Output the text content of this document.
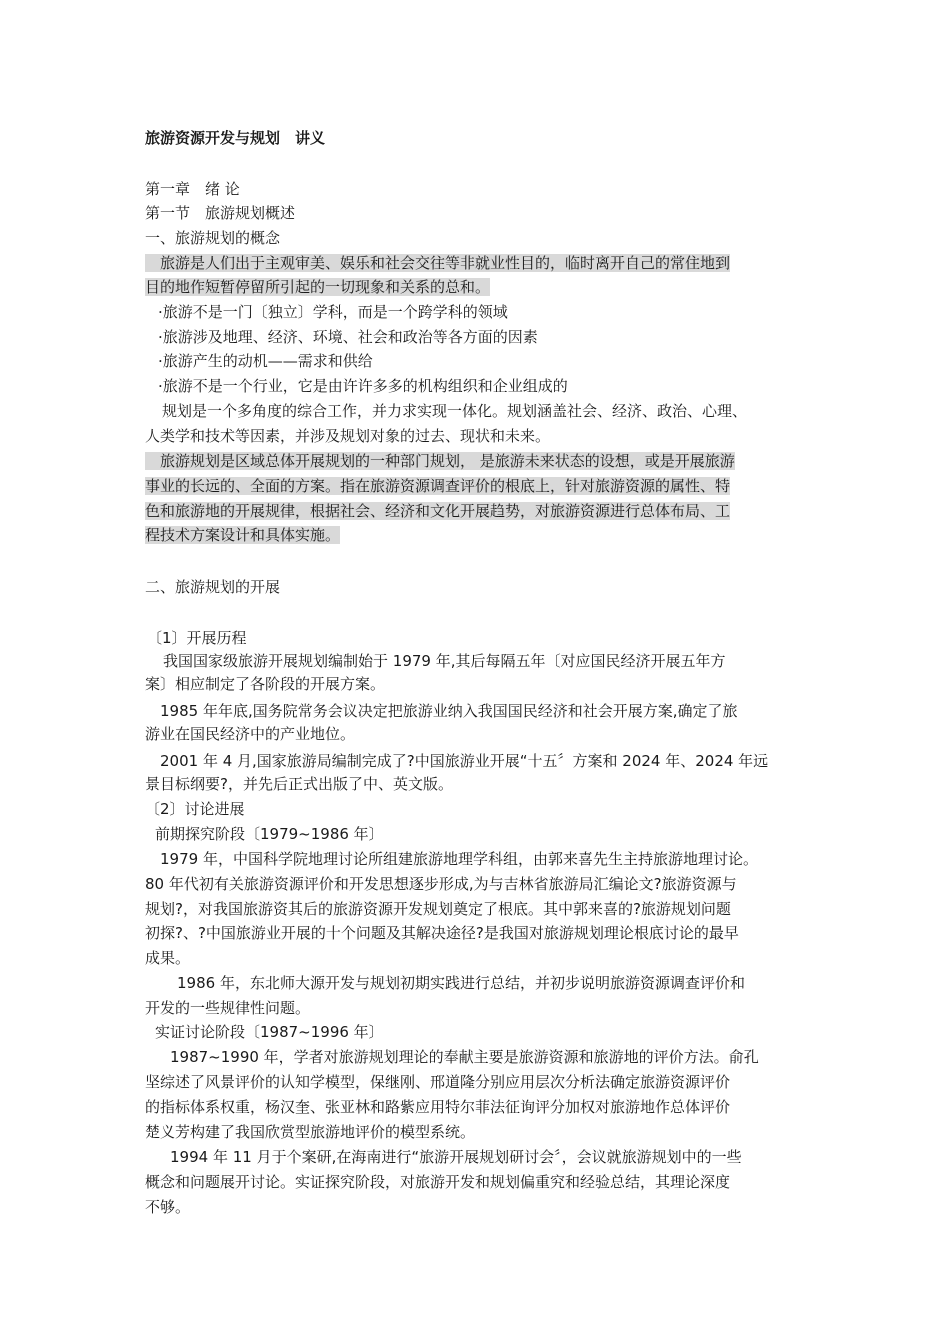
旅游资源开发与规划　讲义
第一章　绪 论
第一节　旅游规划概述
一、旅游规划的概念
　旅游是人们出于主观审美、娱乐和社会交往等非就业性目的，临时离开自己的常住地到
目的地作短暂停留所引起的一切现象和关系的总和。
·旅游不是一门〔独立〕学科，而是一个跨学科的领域
·旅游涉及地理、经济、环境、社会和政治等各方面的因素
·旅游产生的动机——需求和供给
·旅游不是一个行业，它是由许许多多的机构组织和企业组成的
规划是一个多角度的综合工作，并力求实现一体化。规划涵盖社会、经济、政治、心理、
人类学和技术等因素，并涉及规划对象的过去、现状和未来。
　旅游规划是区域总体开展规划的一种部门规划， 是旅游未来状态的设想，或是开展旅游
事业的长远的、全面的方案。指在旅游资源调查评价的根底上，针对旅游资源的属性、特
色和旅游地的开展规律，根据社会、经济和文化开展趋势，对旅游资源进行总体布局、工
程技术方案设计和具体实施。
二、旅游规划的开展
〔1〕开展历程
我国国家级旅游开展规划编制始于 1979 年,其后每隔五年〔对应国民经济开展五年方
案〕相应制定了各阶段的开展方案。
1985 年年底,国务院常务会议决定把旅游业纳入我国国民经济和社会开展方案,确定了旅
游业在国民经济中的产业地位。
2001 年 4 月,国家旅游局编制完成了?中国旅游业开展“十五〞方案和 2024 年、2024 年远
景目标纲要?，并先后正式出版了中、英文版。
〔2〕讨论进展
前期探究阶段〔1979~1986 年〕
1979 年，中国科学院地理讨论所组建旅游地理学科组，由郭来喜先生主持旅游地理讨论。
80 年代初有关旅游资源评价和开发思想逐步形成,为与吉林省旅游局汇编论文?旅游资源与
规划?，对我国旅游资其后的旅游资源开发规划奠定了根底。其中郭来喜的?旅游规划问题
初探?、?中国旅游业开展的十个问题及其解决途径?是我国对旅游规划理论根底讨论的最早
成果。
1986 年，东北师大源开发与规划初期实践进行总结，并初步说明旅游资源调查评价和
开发的一些规律性问题。
实证讨论阶段〔1987~1996 年〕
1987~1990 年，学者对旅游规划理论的奉献主要是旅游资源和旅游地的评价方法。俞孔
坚综述了风景评价的认知学模型，保继刚、邢道隆分别应用层次分析法确定旅游资源评价
的指标体系权重，杨汉奎、张亚林和路紫应用特尔菲法征询评分加权对旅游地作总体评价
楚义芳构建了我国欣赏型旅游地评价的模型系统。
1994 年 11 月于个案研,在海南进行“旅游开展规划研讨会〞，会议就旅游规划中的一些
概念和问题展开讨论。实证探究阶段，对旅游开发和规划偏重究和经验总结，其理论深度
不够。
